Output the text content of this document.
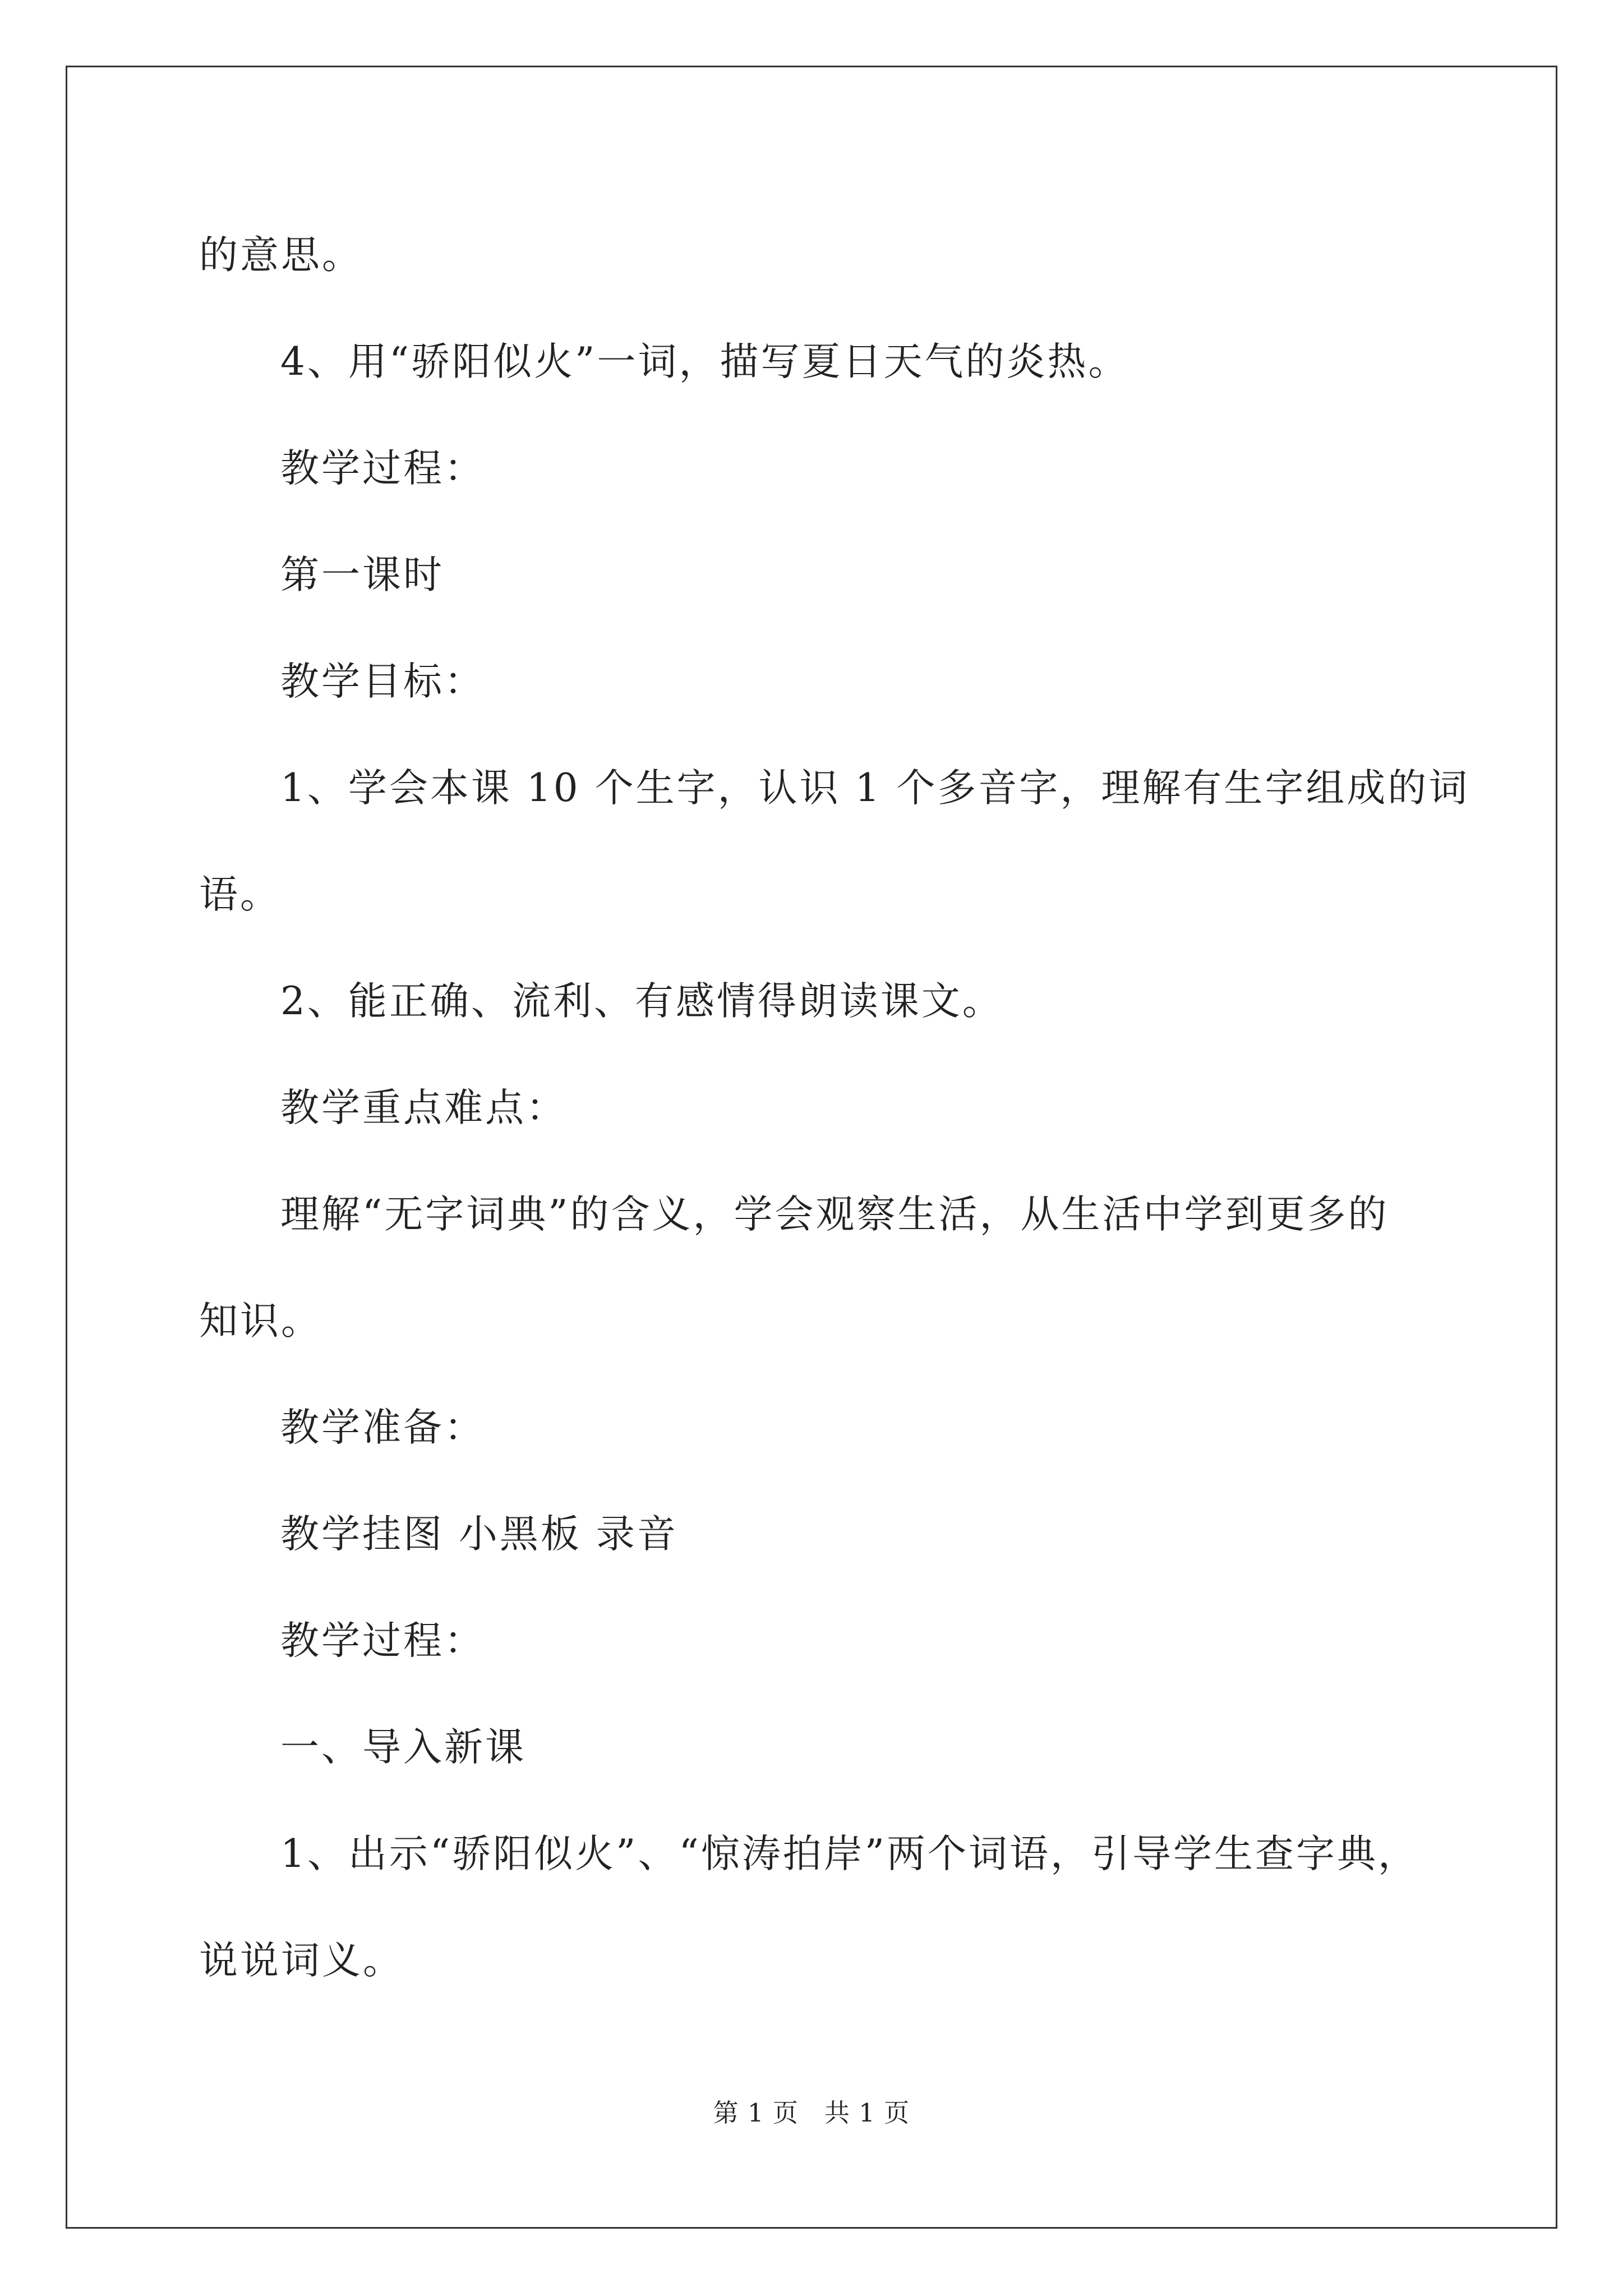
的意思。

4、用“骄阳似火”一词，描写夏日天气的炎热。

教学过程：

第一课时

教学目标：

1、学会本课 10 个生字，认识 1 个多音字，理解有生字组成的词

语。

2、能正确、流利、有感情得朗读课文。

教学重点难点：

理解“无字词典”的含义，学会观察生活，从生活中学到更多的

知识。

教学准备：

教学挂图 小黑板 录音

教学过程：

一、导入新课

1、出示“骄阳似火”、“惊涛拍岸”两个词语，引导学生查字典，

说说词义。

第 1 页　共 1 页
